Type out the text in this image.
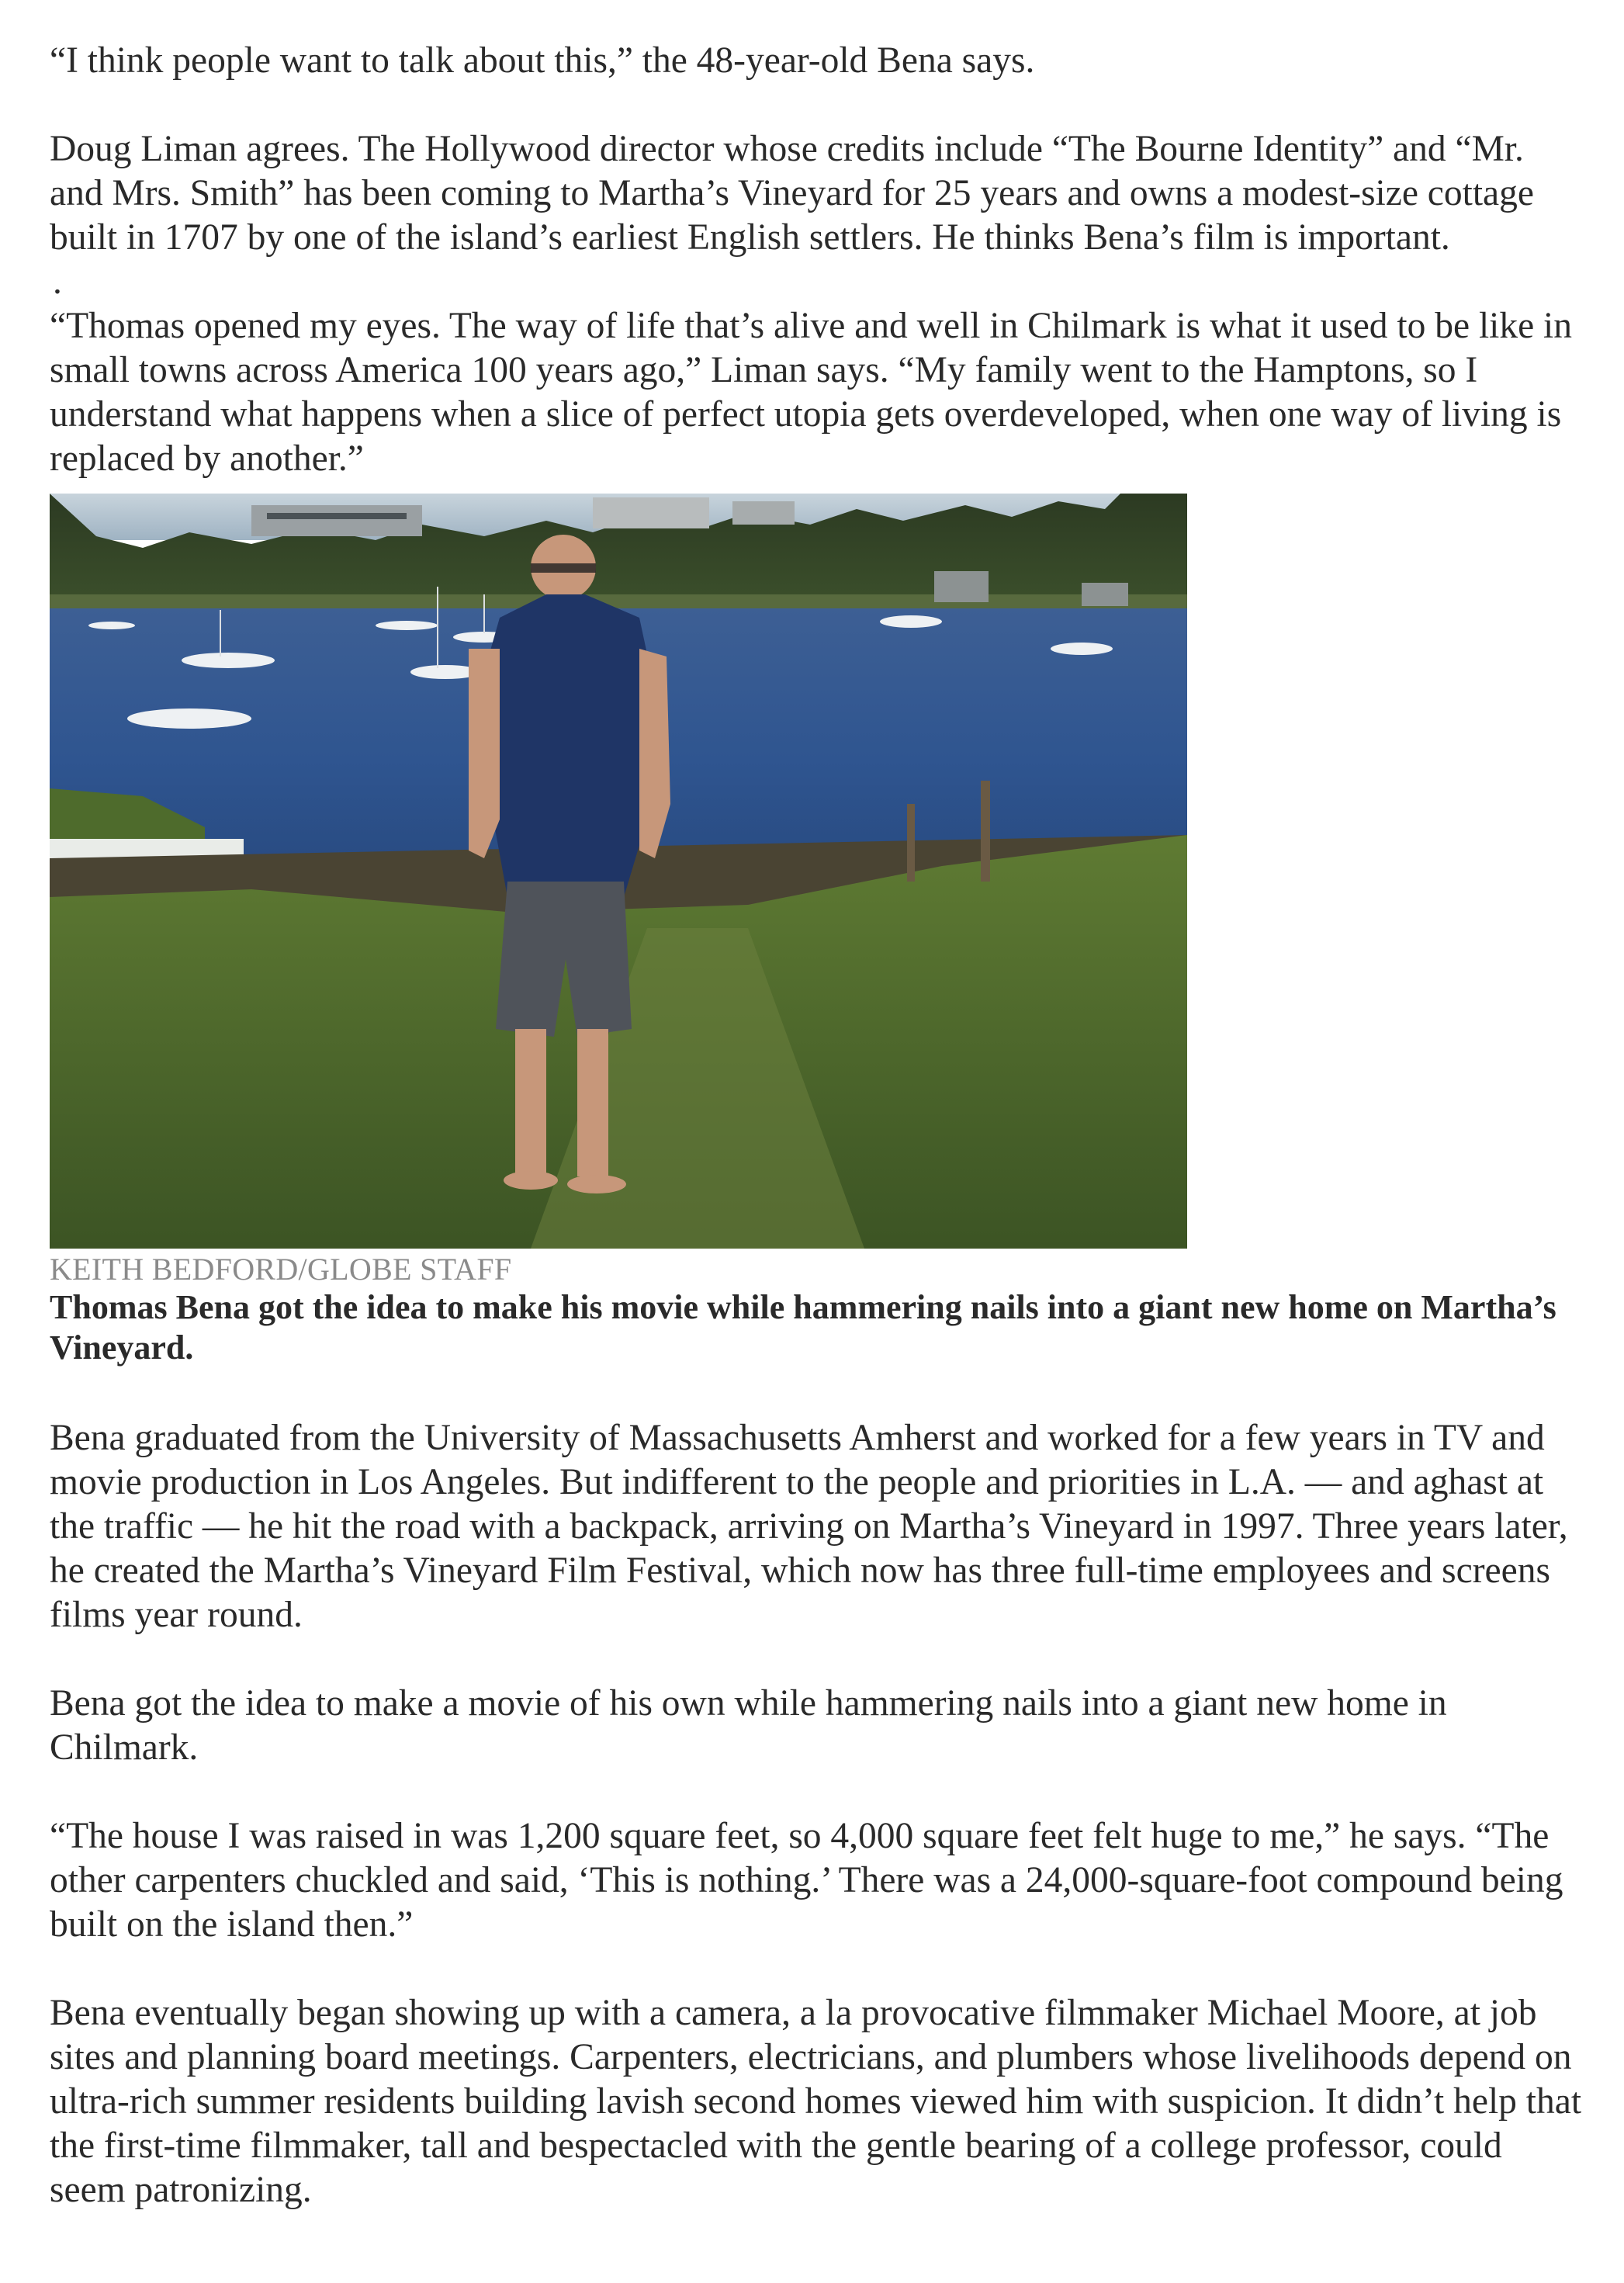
“I think people want to talk about this,” the 48-year-old Bena says.

Doug Liman agrees. The Hollywood director whose credits include “The Bourne Identity” and “Mr. and Mrs. Smith” has been coming to Martha’s Vineyard for 25 years and owns a modest-size cottage built in 1707 by one of the island’s earliest English settlers. He thinks Bena’s film is important.

.

“Thomas opened my eyes. The way of life that’s alive and well in Chilmark is what it used to be like in small towns across America 100 years ago,” Liman says. “My family went to the Hamptons, so I understand what happens when a slice of perfect utopia gets overdeveloped, when one way of living is replaced by another.”

KEITH BEDFORD/GLOBE STAFF
Thomas Bena got the idea to make his movie while hammering nails into a giant new home on Martha’s Vineyard.

Bena graduated from the University of Massachusetts Amherst and worked for a few years in TV and movie production in Los Angeles. But indifferent to the people and priorities in L.A. — and aghast at the traffic — he hit the road with a backpack, arriving on Martha’s Vineyard in 1997. Three years later, he created the Martha’s Vineyard Film Festival, which now has three full-time employees and screens films year round.

Bena got the idea to make a movie of his own while hammering nails into a giant new home in Chilmark.

“The house I was raised in was 1,200 square feet, so 4,000 square feet felt huge to me,” he says. “The other carpenters chuckled and said, ‘This is nothing.’ There was a 24,000-square-foot compound being built on the island then.”

Bena eventually began showing up with a camera, a la provocative filmmaker Michael Moore, at job sites and planning board meetings. Carpenters, electricians, and plumbers whose livelihoods depend on ultra-rich summer residents building lavish second homes viewed him with suspicion. It didn’t help that the first-time filmmaker, tall and bespectacled with the gentle bearing of a college professor, could seem patronizing.
